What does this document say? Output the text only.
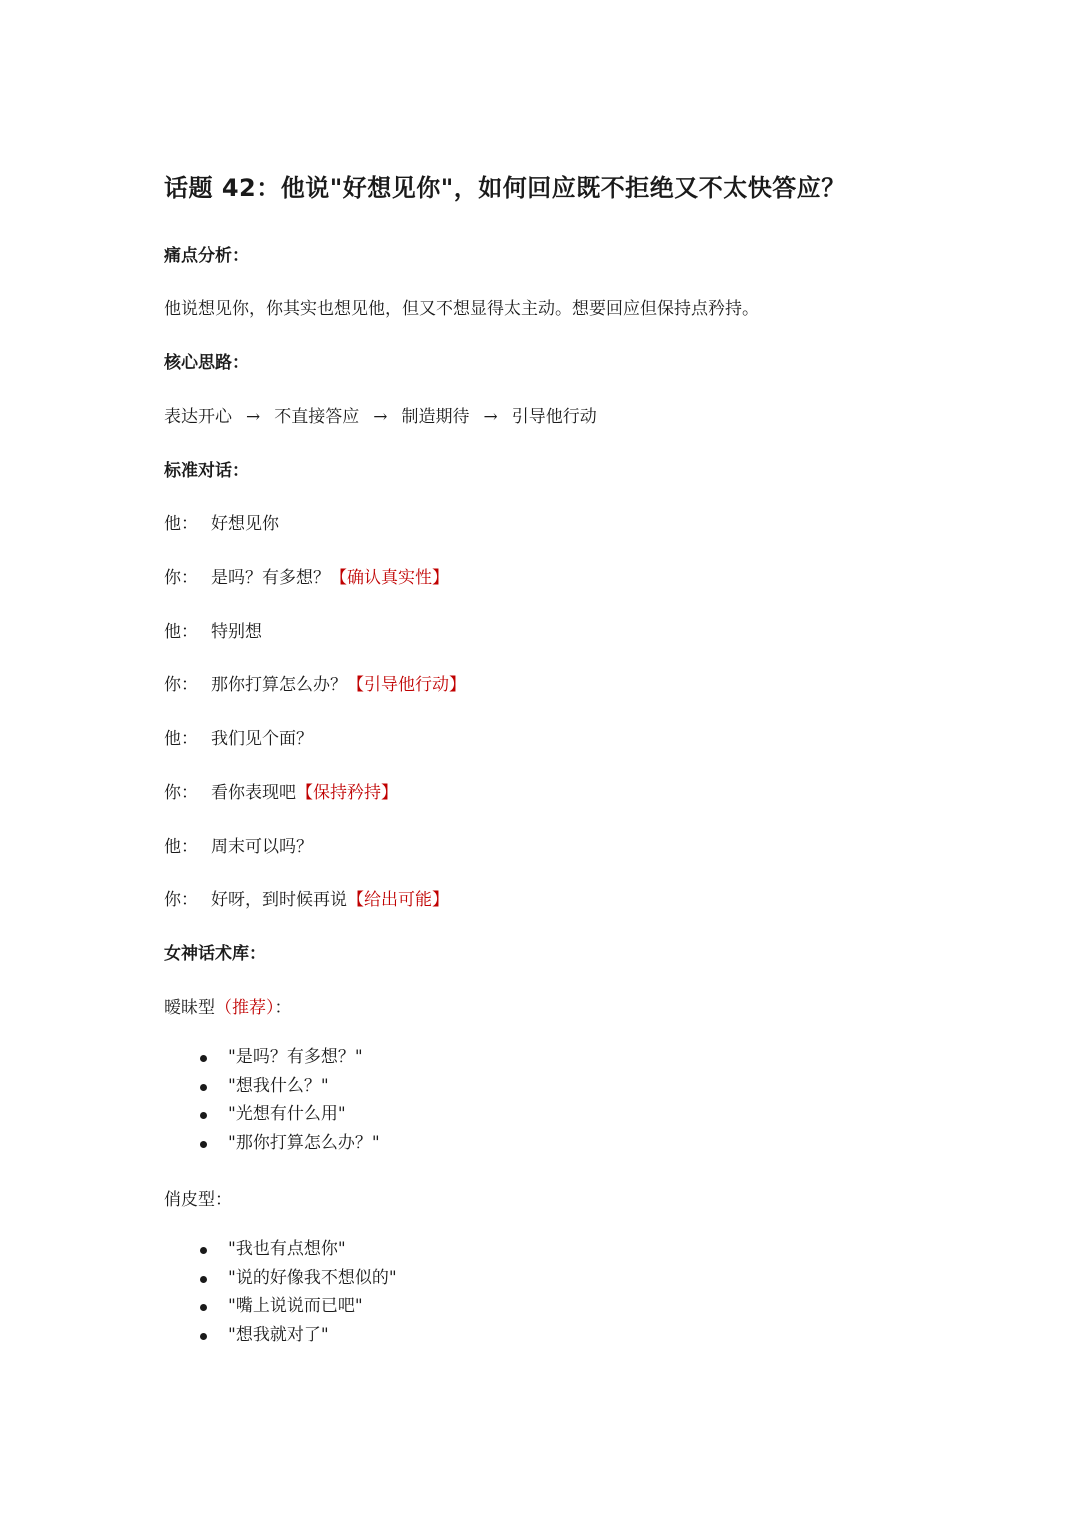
话题 42：他说"好想见你"，如何回应既不拒绝又不太快答应？
痛点分析：
他说想见你，你其实也想见他，但又不想显得太主动。想要回应但保持点矜持。
核心思路：
表达开心 → 不直接答应 → 制造期待 → 引导他行动
标准对话：
他： 好想见你
你： 是吗？有多想？【确认真实性】
他： 特别想
你： 那你打算怎么办？【引导他行动】
他： 我们见个面？
你： 看你表现吧【保持矜持】
他： 周末可以吗？
你： 好呀，到时候再说【给出可能】
女神话术库：
暧昧型（推荐）：
"是吗？有多想？"
"想我什么？"
"光想有什么用"
"那你打算怎么办？"
俏皮型：
"我也有点想你"
"说的好像我不想似的"
"嘴上说说而已吧"
"想我就对了"
